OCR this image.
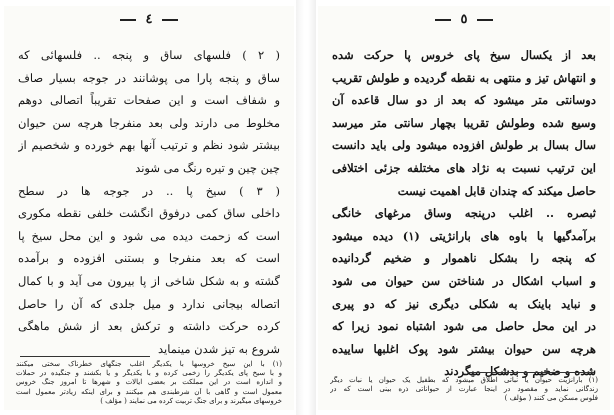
٤
( ۲ ) فلسهای ساق و پنجه .. فلسهائی که
ساق و پنجه پارا می پوشانند در جوجه بسیار صاف
و شفاف است و این صفحات تقریباً اتصالی دوهم
مخلوط می دارند ولی بعد منفرجا هرچه سن حیوان
بیشتر شود نظم و ترتیب آنها بهم خورده و شخصیم از
چین چین و تیره رنگ می شوند
( ۳ ) سیخ پا .. در جوجه ها در سطح
داخلی ساق کمی درفوق انگشت خلفی نقطه مکوری
است که زحمت دیده می شود و این محل سیخ پا
است که بعد منفرجا و بستنی افزوده و برآمده
گشته و به شکل شاخی از پا بیرون می آید و با کمال
اتصاله بیجانی ندارد و میل جلدی که آن را حاصل
کرده حرکت داشته و ترکش بعد از شش ماهگی
شروع به تیز شدن مینماید
(۱) با این سیخ خروسها با یکدیگر اغلب جنگهای خطرناک سختی میکنند
و با سیخ پای یکدیگر را زخمی کرده و با یکدیگر و یا بکشند و جنگیده در حملات
و اندازه است در این مملکت بر بعضی ایالات و شهرها تا امروز جنگ خروس
معمول است و گاهی با آن شرطبندی هم میکنند و برای اینکه زیادتر معمول است
خروسهای میگیرند و برای جنگ تربیت کرده می نمایند ( مؤلف )
٥
بعد از یکسال سیخ پای خروس پا حرکت شده
و انتهاش تیز و منتهی به نقطه گردیده و طولش تقریب
دوسانتی متر میشود که بعد از دو سال قاعده آن
وسیع شده وطولش تقریبا بچهار سانتی متر میرسد
سال بسال بر طولش افزوده میشود ولی باید دانست
این ترتیب نسبت به نژاد های مختلفه جزئی اختلافی
حاصل میکند که چندان قابل اهمیت نیست
ثبصره .. اغلب درپنجه وساق مرغهای خانگی
برآمدگیها با باوه های بارانژیتی (۱) دیده میشود
که پنجه را بشکل ناهموار و ضخیم گردانیده
و اسباب اشکال در شناختن سن حیوان می شود
و نباید باینک به شکلی دیگری نیز که دو پیری
در این محل حاصل می شود اشتباه نمود زیرا که
هرچه سن حیوان بیشتر شود پوک اغلبها ساییده
شده و ضخیم و بدشکل میگردند
(۱) بارانژیت حیوان یا نباتی اطلاق میشود که بطفیل یک حیوان یا نبات دیگر
زندگانی نماید و مقصود در اینجا عبارت از حیواناتی ذره بینی است که در
فلوس مسکن می کنند ( مؤلف )
